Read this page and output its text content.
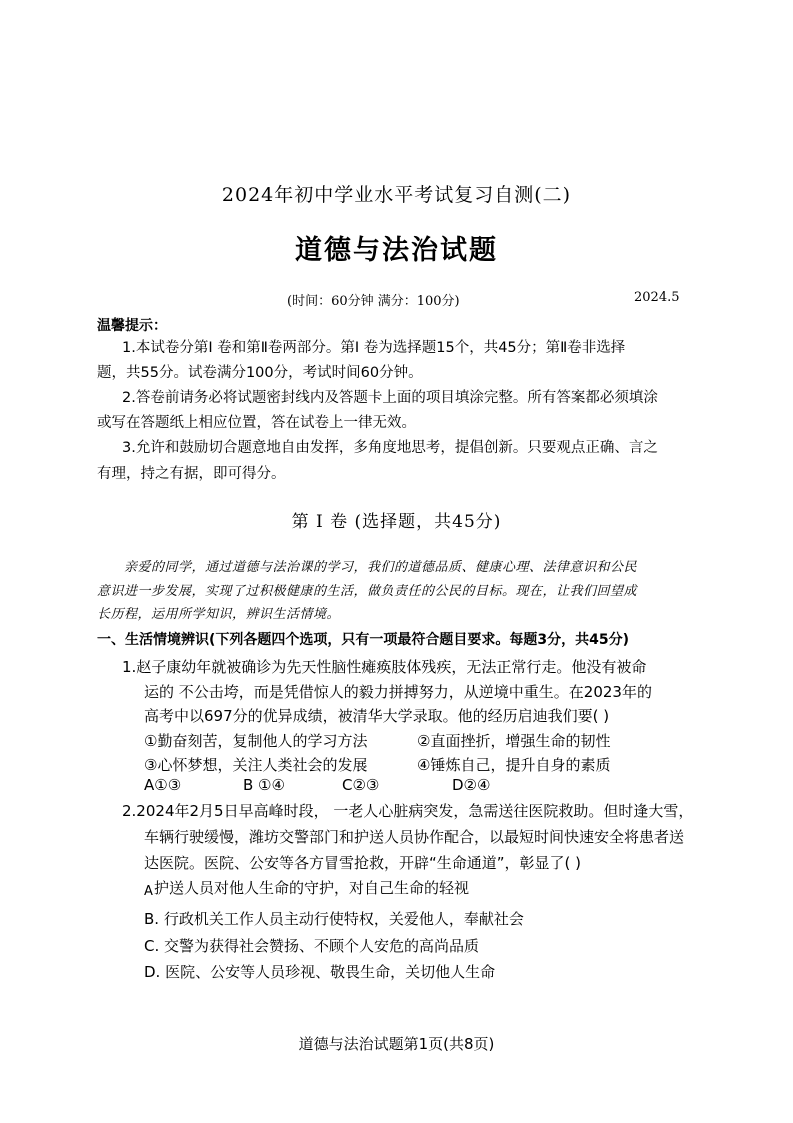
2024年初中学业水平考试复习自测(二)
道德与法治试题
(时间：60分钟 满分：100分)	2024.5
温馨提示：
1.本试卷分第I 卷和第Ⅱ卷两部分。第I 卷为选择题15个，共45分；第Ⅱ卷非选择
题，共55分。试卷满分100分，考试时间60分钟。
2.答卷前请务必将试题密封线内及答题卡上面的项目填涂完整。所有答案都必须填涂
或写在答题纸上相应位置，答在试卷上一律无效。
3.允许和鼓励切合题意地自由发挥，多角度地思考，提倡创新。只要观点正确、言之
有理，持之有据，即可得分。
第 I 卷 (选择题，共45分)
亲爱的同学，通过道德与法治课的学习，我们的道德品质、健康心理、法律意识和公民
意识进一步发展，实现了过积极健康的生活，做负责任的公民的目标。现在，让我们回望成
长历程，运用所学知识，辨识生活情境。
一、生活情境辨识(下列各题四个选项，只有一项最符合题目要求。每题3分，共45分)
1.赵子康幼年就被确诊为先天性脑性瘫痪肢体残疾，无法正常行走。他没有被命
运的 不公击垮，而是凭借惊人的毅力拼搏努力，从逆境中重生。在2023年的
高考中以697分的优异成绩，被清华大学录取。他的经历启迪我们要( )
①勤奋刻苦，复制他人的学习方法	②直面挫折，增强生命的韧性
③心怀梦想，关注人类社会的发展	④锤炼自己，提升自身的素质
A①③	B ①④	C②③	D②④
2.2024年2月5日早高峰时段， 一老人心脏病突发，急需送往医院救助。但时逢大雪，
车辆行驶缓慢，潍坊交警部门和护送人员协作配合，以最短时间快速安全将患者送
达医院。医院、公安等各方冒雪抢救，开辟“生命通道”，彰显了( )
A 护送人员对他人生命的守护，对自己生命的轻视
B. 行政机关工作人员主动行使特权，关爱他人，奉献社会
C. 交警为获得社会赞扬、不顾个人安危的高尚品质
D. 医院、公安等人员珍视、敬畏生命，关切他人生命
道德与法治试题第1页(共8页)
